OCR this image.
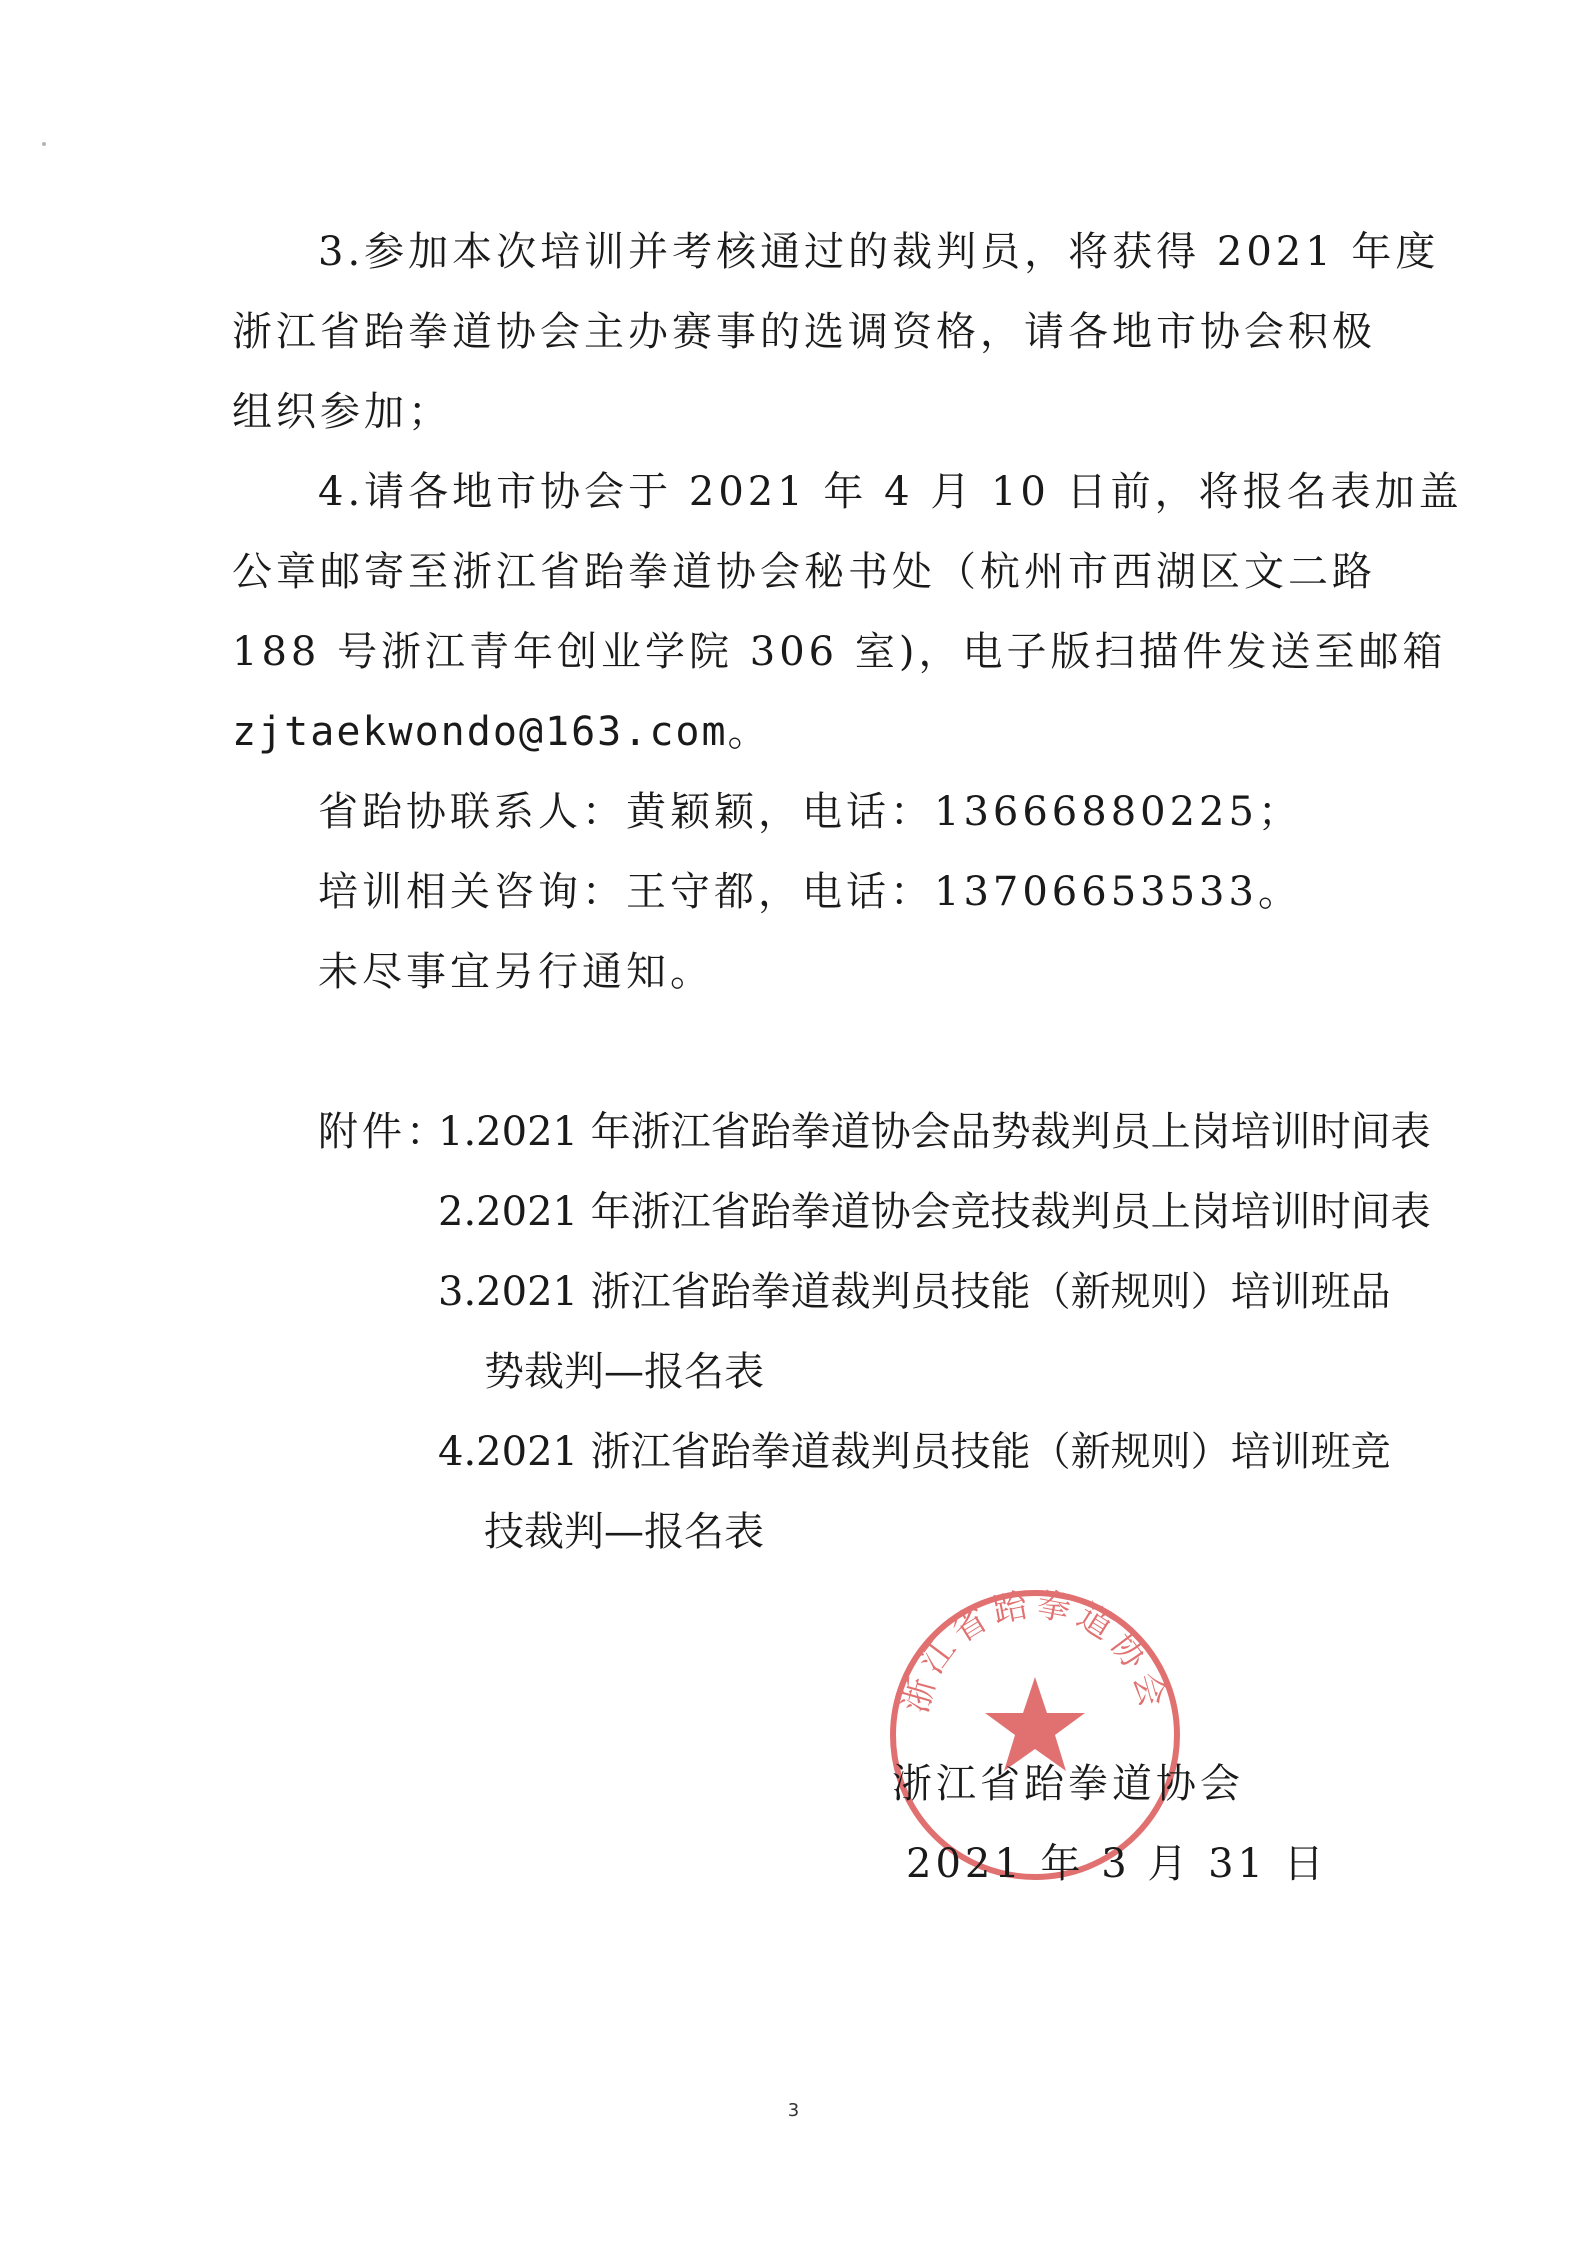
3.参加本次培训并考核通过的裁判员，将获得 2021 年度
浙江省跆拳道协会主办赛事的选调资格，请各地市协会积极
组织参加；
4.请各地市协会于 2021 年 4 月 10 日前，将报名表加盖
公章邮寄至浙江省跆拳道协会秘书处（杭州市西湖区文二路
188 号浙江青年创业学院 306 室)，电子版扫描件发送至邮箱
zjtaekwondo@163.com。
省跆协联系人：黄颖颖，电话：13666880225；
培训相关咨询：王守都，电话：13706653533。
未尽事宜另行通知。
附件：
1.2021 年浙江省跆拳道协会品势裁判员上岗培训时间表
2.2021 年浙江省跆拳道协会竞技裁判员上岗培训时间表
3.2021 浙江省跆拳道裁判员技能（新规则）培训班品
势裁判—报名表
4.2021 浙江省跆拳道裁判员技能（新规则）培训班竞
技裁判—报名表
浙江省跆拳道协会
浙江省跆拳道协会
2021 年 3 月 31 日
3
